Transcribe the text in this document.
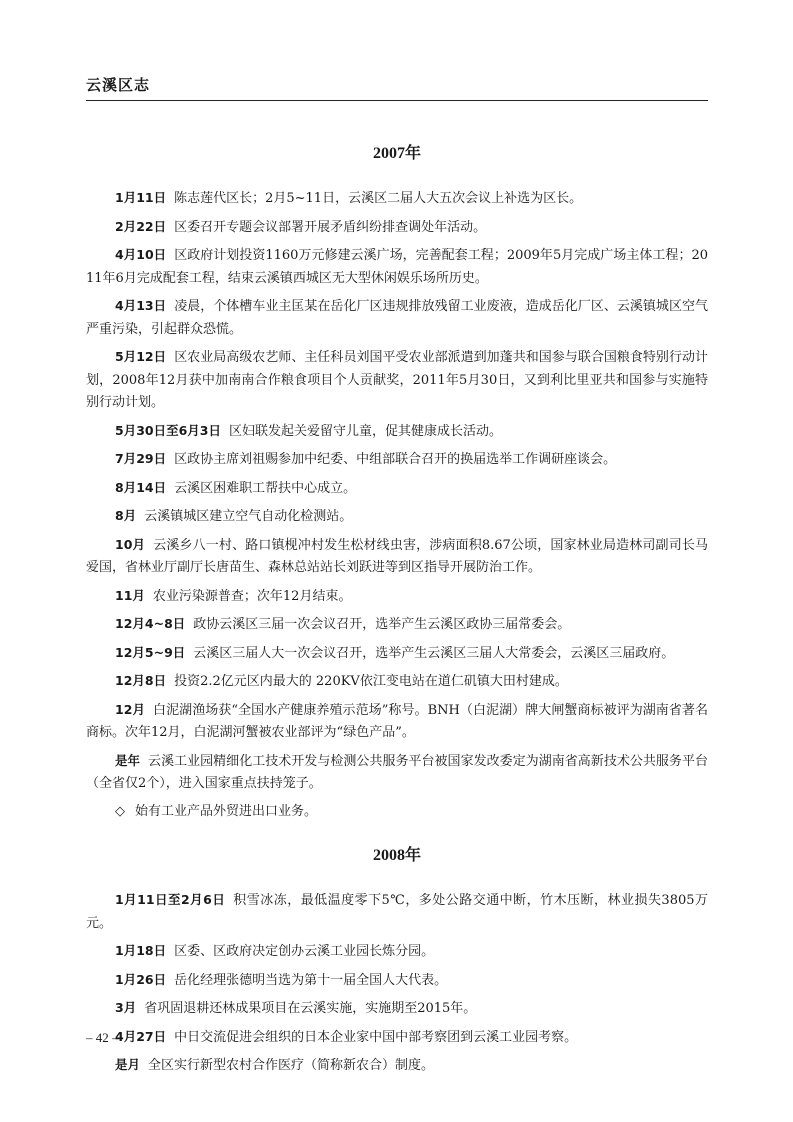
云溪区志
2007年

1月11日 陈志莲代区长；2月5~11日，云溪区二届人大五次会议上补选为区长。

2月22日 区委召开专题会议部署开展矛盾纠纷排查调处年活动。

4月10日 区政府计划投资1160万元修建云溪广场，完善配套工程；2009年5月完成广场主体工程；2011年6月完成配套工程，结束云溪镇西城区无大型休闲娱乐场所历史。

4月13日 凌晨，个体槽车业主匡某在岳化厂区违规排放残留工业废液，造成岳化厂区、云溪镇城区空气严重污染，引起群众恐慌。

5月12日 区农业局高级农艺师、主任科员刘国平受农业部派遣到加蓬共和国参与联合国粮食特别行动计划，2008年12月获中加南南合作粮食项目个人贡献奖，2011年5月30日，又到利比里亚共和国参与实施特别行动计划。

5月30日至6月3日 区妇联发起关爱留守儿童，促其健康成长活动。

7月29日 区政协主席刘祖赐参加中纪委、中组部联合召开的换届选举工作调研座谈会。

8月14日 云溪区困难职工帮扶中心成立。

8月 云溪镇城区建立空气自动化检测站。

10月 云溪乡八一村、路口镇枧冲村发生松材线虫害，涉病面积8.67公顷，国家林业局造林司副司长马爱国，省林业厅副厅长唐苗生、森林总站站长刘跃进等到区指导开展防治工作。

11月 农业污染源普查；次年12月结束。

12月4~8日 政协云溪区三届一次会议召开，选举产生云溪区政协三届常委会。

12月5~9日 云溪区三届人大一次会议召开，选举产生云溪区三届人大常委会，云溪区三届政府。

12月8日 投资2.2亿元区内最大的 220KV依江变电站在道仁矶镇大田村建成。

12月 白泥湖渔场获“全国水产健康养殖示范场”称号。BNH（白泥湖）牌大闸蟹商标被评为湖南省著名商标。次年12月，白泥湖河蟹被农业部评为“绿色产品”。

是年 云溪工业园精细化工技术开发与检测公共服务平台被国家发改委定为湖南省高新技术公共服务平台（全省仅2个），进入国家重点扶持笼子。

◇ 始有工业产品外贸进出口业务。

2008年

1月11日至2月6日 积雪冰冻，最低温度零下5℃，多处公路交通中断，竹木压断，林业损失3805万元。

1月18日 区委、区政府决定创办云溪工业园长炼分园。

1月26日 岳化经理张德明当选为第十一届全国人大代表。

3月 省巩固退耕还林成果项目在云溪实施，实施期至2015年。

4月27日 中日交流促进会组织的日本企业家中国中部考察团到云溪工业园考察。

是月 全区实行新型农村合作医疗（简称新农合）制度。

– 42 –
